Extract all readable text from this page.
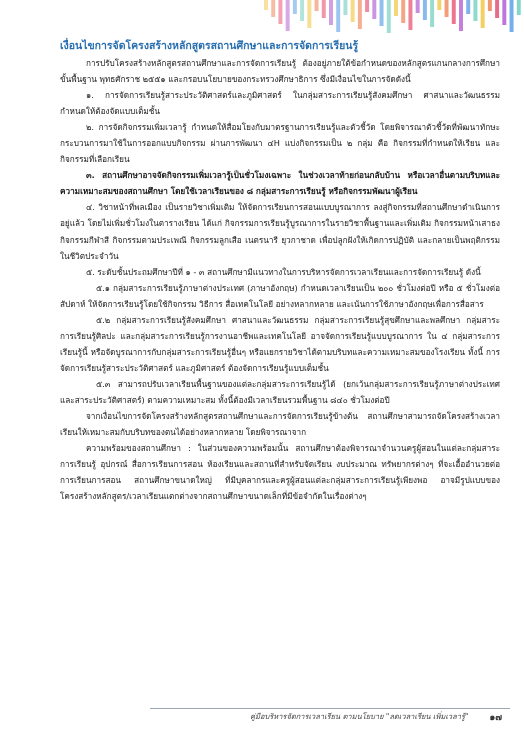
เงื่อนไขการจัดโครงสร้างหลักสูตรสถานศึกษาและการจัดการเรียนรู้

การปรับโครงสร้างหลักสูตรสถานศึกษาและการจัดการเรียนรู้ ต้องอยู่ภายใต้ข้อกำหนดของหลักสูตรแกนกลางการศึกษาขั้นพื้นฐาน พุทธศักราช ๒๕๕๑ และกรอบนโยบายของกระทรวงศึกษาธิการ ซึ่งมีเงื่อนไขในการจัดดังนี้

๑. การจัดการเรียนรู้สาระประวัติศาสตร์และภูมิศาสตร์ ในกลุ่มสาระการเรียนรู้สังคมศึกษา ศาสนาและวัฒนธรรม กำหนดให้ต้องจัดแบบเต็มชั้น

๒. การจัดกิจกรรมเพิ่มเวลารู้ กำหนดให้สื่อมโยงกับมาตรฐานการเรียนรู้และตัวชี้วัด โดยพิจารณาตัวชี้วัดที่พัฒนาทักษะกระบวนการมาใช้ในการออกแบบกิจกรรม ผ่านการพัฒนา ๔H แบ่งกิจกรรมเป็น ๒ กลุ่ม คือ กิจกรรมที่กำหนดให้เรียน และกิจกรรมที่เลือกเรียน

๓. สถานศึกษาอาจจัดกิจกรรมเพิ่มเวลารู้เป็นชั่วโมงเฉพาะ ในช่วงเวลาท้ายก่อนกลับบ้าน หรือเวลาอื่นตามบริบทและความเหมาะสมของสถานศึกษา โดยใช้เวลาเรียนของ ๘ กลุ่มสาระการเรียนรู้ หรือกิจกรรมพัฒนาผู้เรียน

๔. วิชาหน้าที่พลเมือง เป็นรายวิชาเพิ่มเติม ให้จัดการเรียนการสอนแบบบูรณาการ ลงสู่กิจกรรมที่สถานศึกษาดำเนินการอยู่แล้ว โดยไม่เพิ่มชั่วโมงในตารางเรียน ได้แก่ กิจกรรมการเรียนรู้บูรณาการในรายวิชาพื้นฐานและเพิ่มเติม กิจกรรมหน้าเสาธง กิจกรรมกีฬาสี กิจกรรมตามประเพณี กิจกรรมลูกเสือ เนตรนารี ยุวกาชาด เพื่อปลูกฝังให้เกิดการปฏิบัติ และกลายเป็นพฤติกรรมในชีวิตประจำวัน

๕. ระดับชั้นประถมศึกษาปีที่ ๑ - ๓ สถานศึกษามีแนวทางในการบริหารจัดการเวลาเรียนและการจัดการเรียนรู้ ดังนี้

๕.๑ กลุ่มสาระการเรียนรู้ภาษาต่างประเทศ (ภาษาอังกฤษ) กำหนดเวลาเรียนเป็น ๒๐๐ ชั่วโมงต่อปี หรือ ๕ ชั่วโมงต่อสัปดาห์ ให้จัดการเรียนรู้โดยใช้กิจกรรม วิธีการ สื่อเทคโนโลยี อย่างหลากหลาย และเน้นการใช้ภาษาอังกฤษเพื่อการสื่อสาร

๕.๒ กลุ่มสาระการเรียนรู้สังคมศึกษา ศาสนาและวัฒนธรรม กลุ่มสาระการเรียนรู้สุขศึกษาและพลศึกษา กลุ่มสาระการเรียนรู้ศิลปะ และกลุ่มสาระการเรียนรู้การงานอาชีพและเทคโนโลยี อาจจัดการเรียนรู้แบบบูรณาการ ใน ๔ กลุ่มสาระการเรียนรู้นี้ หรือจัดบูรณาการกับกลุ่มสาระการเรียนรู้อื่นๆ หรือแยกรายวิชาได้ตามบริบทและความเหมาะสมของโรงเรียน ทั้งนี้ การจัดการเรียนรู้สาระประวัติศาสตร์ และภูมิศาสตร์ ต้องจัดการเรียนรู้แบบเต็มชั้น

๕.๓ สามารถปรับเวลาเรียนพื้นฐานของแต่ละกลุ่มสาระการเรียนรู้ได้ (ยกเว้นกลุ่มสาระการเรียนรู้ภาษาต่างประเทศและสาระประวัติศาสตร์) ตามความเหมาะสม ทั้งนี้ต้องมีเวลาเรียนรวมพื้นฐาน ๘๔๐ ชั่วโมงต่อปี

จากเงื่อนไขการจัดโครงสร้างหลักสูตรสถานศึกษาและการจัดการเรียนรู้ข้างต้น สถานศึกษาสามารถจัดโครงสร้างเวลาเรียนให้เหมาะสมกับบริบทของตนได้อย่างหลากหลาย โดยพิจารณาจาก

ความพร้อมของสถานศึกษา : ในส่วนของความพร้อมนั้น สถานศึกษาต้องพิจารณาจำนวนครูผู้สอนในแต่ละกลุ่มสาระการเรียนรู้ อุปกรณ์ สื่อการเรียนการสอน ห้องเรียนและสถานที่สำหรับจัดเรียน งบประมาณ ทรัพยากรต่างๆ ที่จะเอื้ออำนวยต่อการเรียนการสอน สถานศึกษาขนาดใหญ่ ที่มีบุคลากรและครูผู้สอนแต่ละกลุ่มสาระการเรียนรู้เพียงพอ อาจมีรูปแบบของโครงสร้างหลักสูตร/เวลาเรียนแตกต่างจากสถานศึกษาขนาดเล็กที่มีข้อจำกัดในเรื่องต่างๆ

คู่มือบริหารจัดการเวลาเรียน ตามนโยบาย "ลดเวลาเรียน เพิ่มเวลารู้" ๑๗
